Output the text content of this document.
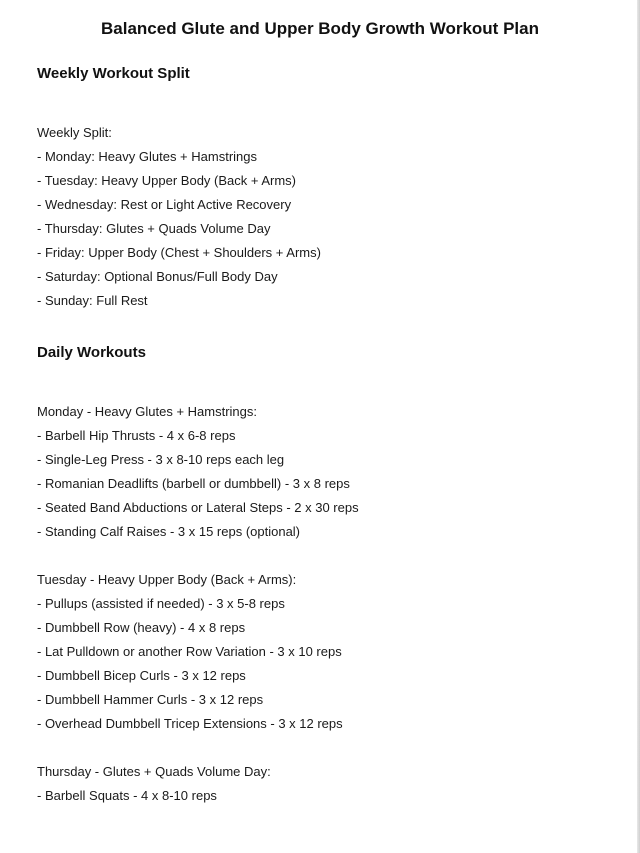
Balanced Glute and Upper Body Growth Workout Plan
Weekly Workout Split
Weekly Split:
- Monday: Heavy Glutes + Hamstrings
- Tuesday: Heavy Upper Body (Back + Arms)
- Wednesday: Rest or Light Active Recovery
- Thursday: Glutes + Quads Volume Day
- Friday: Upper Body (Chest + Shoulders + Arms)
- Saturday: Optional Bonus/Full Body Day
- Sunday: Full Rest
Daily Workouts
Monday - Heavy Glutes + Hamstrings:
- Barbell Hip Thrusts - 4 x 6-8 reps
- Single-Leg Press - 3 x 8-10 reps each leg
- Romanian Deadlifts (barbell or dumbbell) - 3 x 8 reps
- Seated Band Abductions or Lateral Steps - 2 x 30 reps
- Standing Calf Raises - 3 x 15 reps (optional)
Tuesday - Heavy Upper Body (Back + Arms):
- Pullups (assisted if needed) - 3 x 5-8 reps
- Dumbbell Row (heavy) - 4 x 8 reps
- Lat Pulldown or another Row Variation - 3 x 10 reps
- Dumbbell Bicep Curls - 3 x 12 reps
- Dumbbell Hammer Curls - 3 x 12 reps
- Overhead Dumbbell Tricep Extensions - 3 x 12 reps
Thursday - Glutes + Quads Volume Day:
- Barbell Squats - 4 x 8-10 reps
